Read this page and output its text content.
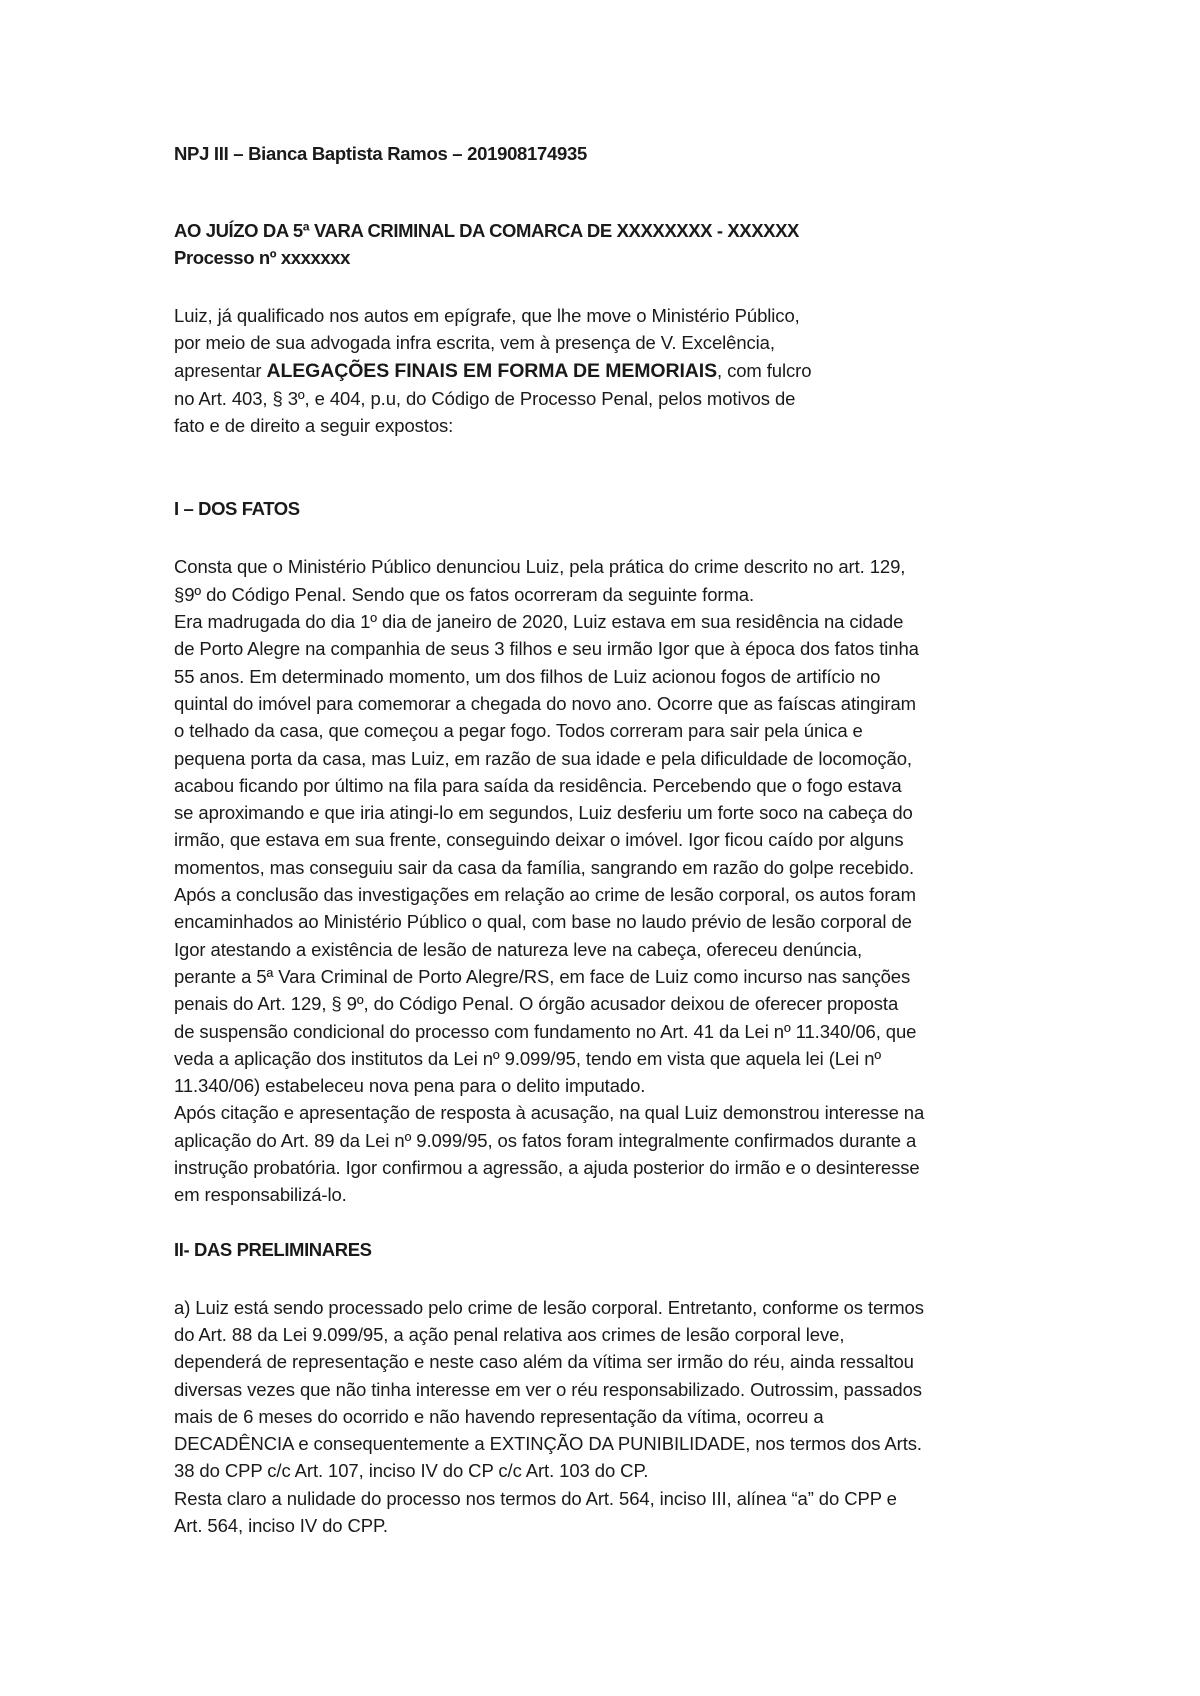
NPJ III – Bianca Baptista Ramos – 201908174935

AO JUÍZO DA 5ª VARA CRIMINAL DA COMARCA DE XXXXXXXX - XXXXXX

Processo nº xxxxxxx

Luiz, já qualificado nos autos em epígrafe, que lhe move o Ministério Público,
por meio de sua advogada infra escrita, vem à presença de V. Excelência,
apresentar ALEGAÇÕES FINAIS EM FORMA DE MEMORIAIS, com fulcro
no Art. 403, § 3º, e 404, p.u, do Código de Processo Penal, pelos motivos de
fato e de direito a seguir expostos:

I – DOS FATOS

Consta que o Ministério Público denunciou Luiz, pela prática do crime descrito no art. 129,
§9º do Código Penal. Sendo que os fatos ocorreram da seguinte forma.
Era madrugada do dia 1º dia de janeiro de 2020, Luiz estava em sua residência na cidade
de Porto Alegre na companhia de seus 3 filhos e seu irmão Igor que à época dos fatos tinha
55 anos. Em determinado momento, um dos filhos de Luiz acionou fogos de artifício no
quintal do imóvel para comemorar a chegada do novo ano. Ocorre que as faíscas atingiram
o telhado da casa, que começou a pegar fogo. Todos correram para sair pela única e
pequena porta da casa, mas Luiz, em razão de sua idade e pela dificuldade de locomoção,
acabou ficando por último na fila para saída da residência. Percebendo que o fogo estava
se aproximando e que iria atingi-lo em segundos, Luiz desferiu um forte soco na cabeça do
irmão, que estava em sua frente, conseguindo deixar o imóvel. Igor ficou caído por alguns
momentos, mas conseguiu sair da casa da família, sangrando em razão do golpe recebido.
Após a conclusão das investigações em relação ao crime de lesão corporal, os autos foram
encaminhados ao Ministério Público o qual, com base no laudo prévio de lesão corporal de
Igor atestando a existência de lesão de natureza leve na cabeça, ofereceu denúncia,
perante a 5ª Vara Criminal de Porto Alegre/RS, em face de Luiz como incurso nas sanções
penais do Art. 129, § 9º, do Código Penal. O órgão acusador deixou de oferecer proposta
de suspensão condicional do processo com fundamento no Art. 41 da Lei nº 11.340/06, que
veda a aplicação dos institutos da Lei nº 9.099/95, tendo em vista que aquela lei (Lei nº
11.340/06) estabeleceu nova pena para o delito imputado.
Após citação e apresentação de resposta à acusação, na qual Luiz demonstrou interesse na
aplicação do Art. 89 da Lei nº 9.099/95, os fatos foram integralmente confirmados durante a
instrução probatória. Igor confirmou a agressão, a ajuda posterior do irmão e o desinteresse
em responsabilizá-lo.

II- DAS PRELIMINARES

a) Luiz está sendo processado pelo crime de lesão corporal. Entretanto, conforme os termos
do Art. 88 da Lei 9.099/95, a ação penal relativa aos crimes de lesão corporal leve,
dependerá de representação e neste caso além da vítima ser irmão do réu, ainda ressaltou
diversas vezes que não tinha interesse em ver o réu responsabilizado. Outrossim, passados
mais de 6 meses do ocorrido e não havendo representação da vítima, ocorreu a
DECADÊNCIA e consequentemente a EXTINÇÃO DA PUNIBILIDADE, nos termos dos Arts.
38 do CPP c/c Art. 107, inciso IV do CP c/c Art. 103 do CP.
Resta claro a nulidade do processo nos termos do Art. 564, inciso III, alínea “a” do CPP e
Art. 564, inciso IV do CPP.
